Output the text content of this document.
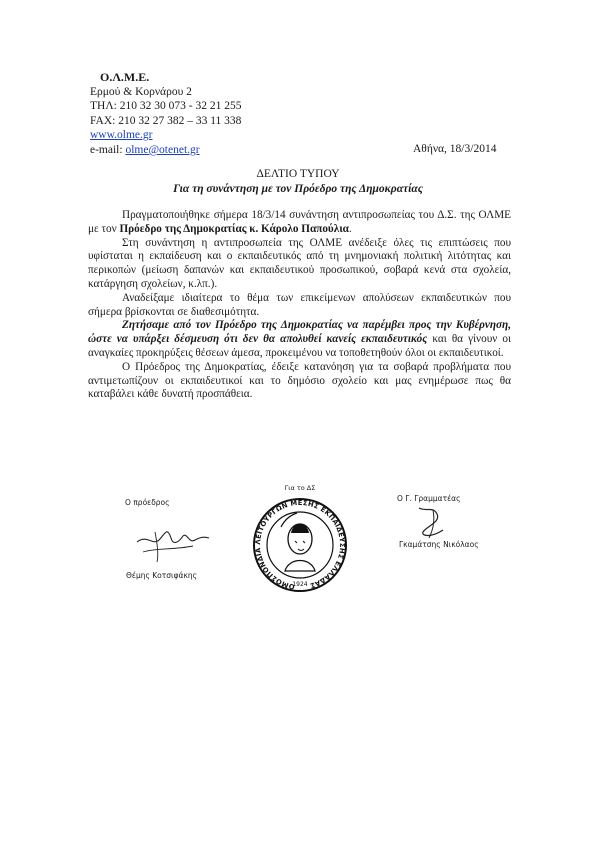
Ο.Λ.Μ.Ε.
Ερμού & Κορνάρου 2
ΤΗΛ: 210 32 30 073 - 32 21 255
FAX: 210 32 27 382 – 33 11 338
www.olme.gr
e-mail: olme@otenet.gr	Αθήνα, 18/3/2014
ΔΕΛΤΙΟ ΤΥΠΟΥ
Για τη συνάντηση με τον Πρόεδρο της Δημοκρατίας

Πραγματοποιήθηκε σήμερα 18/3/14 συνάντηση αντιπροσωπείας του Δ.Σ. της ΟΛΜΕ με τον Πρόεδρο της Δημοκρατίας κ. Κάρολο Παπούλια.

Στη συνάντηση η αντιπροσωπεία της ΟΛΜΕ ανέδειξε όλες τις επιπτώσεις που υφίσταται η εκπαίδευση και ο εκπαιδευτικός από τη μνημονιακή πολιτική λιτότητας και περικοπών (μείωση δαπανών και εκπαιδευτικού προσωπικού, σοβαρά κενά στα σχολεία, κατάργηση σχολείων, κ.λπ.).

Αναδείξαμε ιδιαίτερα το θέμα των επικείμενων απολύσεων εκπαιδευτικών που σήμερα βρίσκονται σε διαθεσιμότητα.

Ζητήσαμε από τον Πρόεδρο της Δημοκρατίας να παρέμβει προς την Κυβέρνηση, ώστε να υπάρξει δέσμευση ότι δεν θα απολυθεί κανείς εκπαιδευτικός και θα γίνουν οι αναγκαίες προκηρύξεις θέσεων άμεσα, προκειμένου να τοποθετηθούν όλοι οι εκπαιδευτικοί.

Ο Πρόεδρος της Δημοκρατίας, έδειξε κατανόηση για τα σοβαρά προβλήματα που αντιμετωπίζουν οι εκπαιδευτικοί και το δημόσιο σχολείο και μας ενημέρωσε πως θα καταβάλει κάθε δυνατή προσπάθεια.

Ο πρόεδρος
Θέμης Κοτσιφάκης
Για το ΔΣ
ΟΜΟΣΠΟΝΔΙΑ ΛΕΙΤΟΥΡΓΩΝ ΜΕΣΗΣ ΕΚΠΑΙΔΕΥΣΗΣ ΕΛΛΑΔΑΣ
1924
Ο Γ. Γραμματέας
Γκαμάτσης Νικόλαος
